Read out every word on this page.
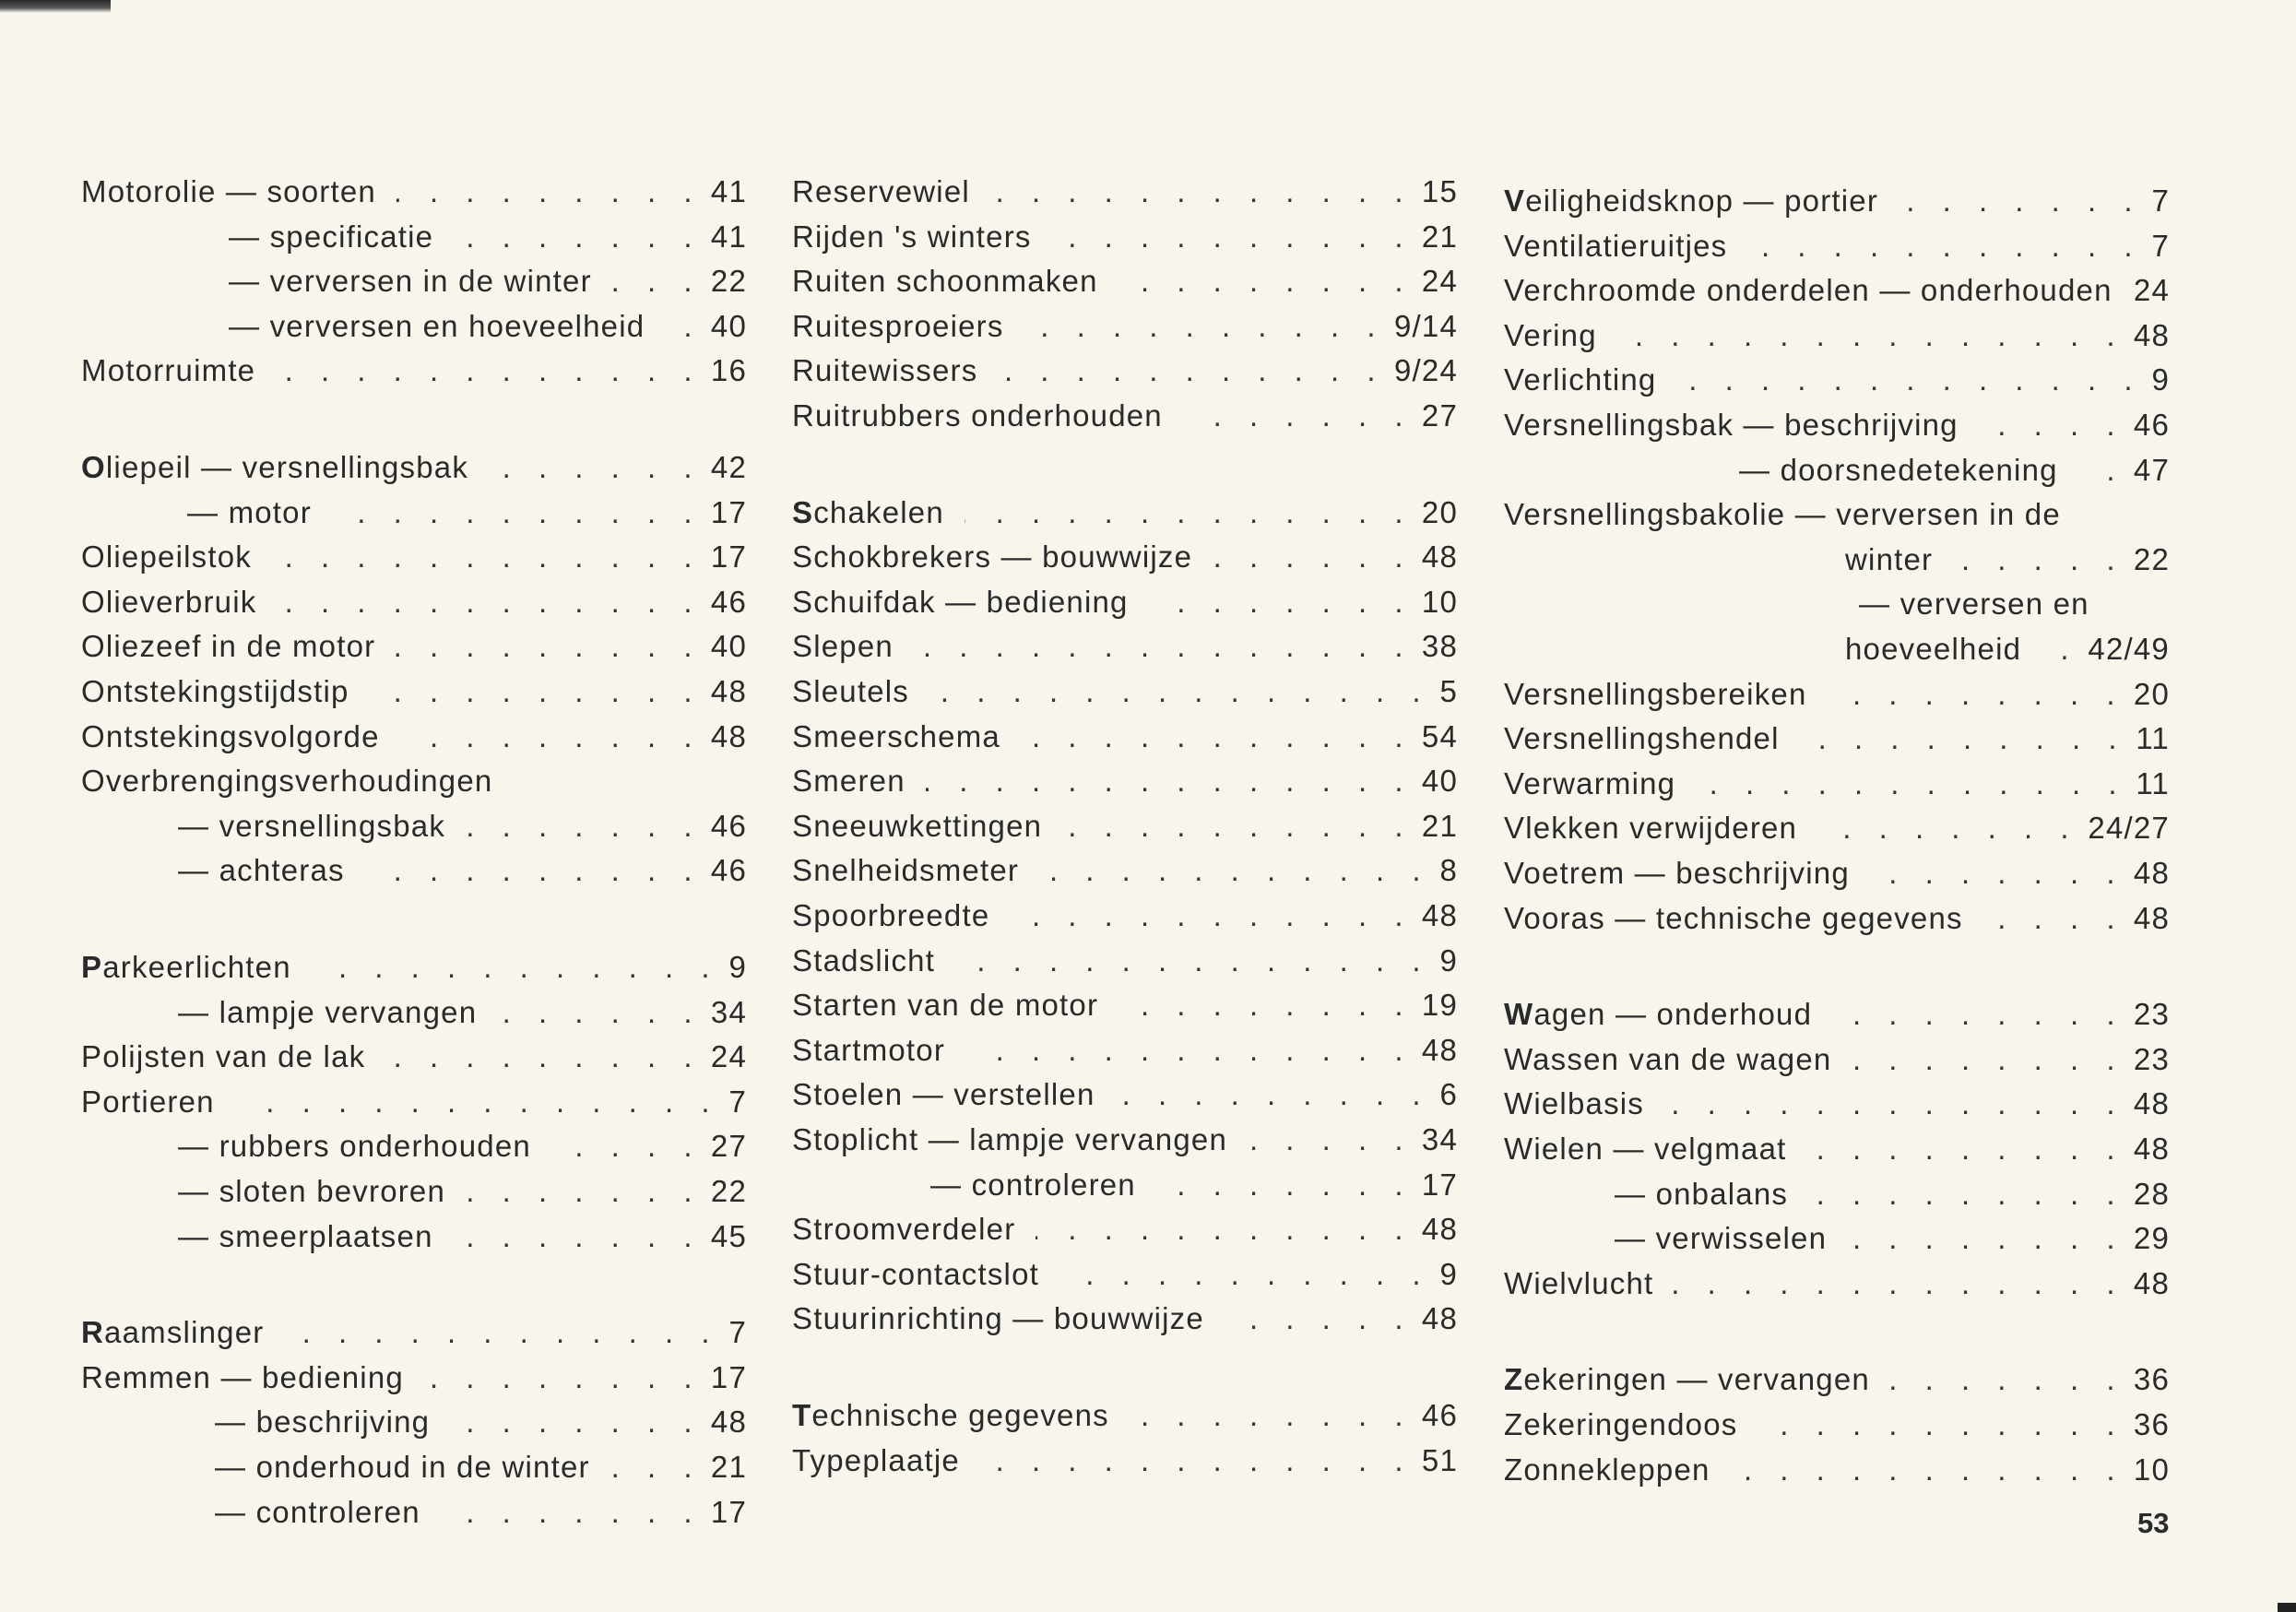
Motorolie — soorten	41
. . .
— specificatie	41
. . .
— verversen in de winter	22
. . .
— verversen en hoeveelheid 40
. . .
Motorruimte	16
. . .
Oliepeil — versnellingsbak	42
. . .
— motor	17
. . .
Oliepeilstok	17
. . .
Olieverbruik	46
. . .
Oliezeef in de motor	40
. . .
Ontstekingstijdstip	48
. . .
Ontstekingsvolgorde	48
. . .
Overbrengingsverhoudingen
— versnellingsbak	46
. . .
— achteras	46
. . .
Parkeerlichten	9
. . .
— lampje vervangen	34
. . .
Polijsten van de lak	24
. . .
Portieren	7
. . .
— rubbers onderhouden	27
. . .
— sloten bevroren	22
. . .
— smeerplaatsen	45
. . .
Raamslinger	7
. . .
Remmen — bediening	17
. . .
— beschrijving	48
. . .
— onderhoud in de winter	21
. . .
— controleren	17
. . .
Reservewiel	15
. . .
Rijden 's winters	21
. . .
Ruiten schoonmaken	24
. . .
Ruitesproeiers	9/14
. . .
Ruitewissers	9/24
. . .
Ruitrubbers onderhouden	27
. . .
Schakelen	20
. . .
Schokbrekers — bouwwijze	48
. . .
Schuifdak — bediening	10
. . .
Slepen	38
. . .
Sleutels	5
. . .
Smeerschema	54
. . .
Smeren	40
. . .
Sneeuwkettingen	21
. . .
Snelheidsmeter	8
. . .
Spoorbreedte	48
. . .
Stadslicht	9
. . .
Starten van de motor	19
. . .
Startmotor	48
. . .
Stoelen — verstellen	6
. . .
Stoplicht — lampje vervangen	34
. . .
— controleren	17
. . .
Stroomverdeler	48
. . .
Stuur-contactslot	9
. . .
Stuurinrichting — bouwwijze	48
. . .
Technische gegevens	46
. . .
Typeplaatje	51
. . .
Veiligheidsknop — portier	7
. . .
Ventilatieruitjes	7
. . .
Verchroomde onderdelen — onderhouden 24
Vering	48
. . .
Verlichting	9
. . .
Versnellingsbak — beschrijving	46
. . .
— doorsnedetekening 47
. . .
Versnellingsbakolie — verversen in de
winter	22
. . .
— verversen en
hoeveelheid 42/49
. . .
Versnellingsbereiken	20
. . .
Versnellingshendel	11
. . .
Verwarming	11
. . .
Vlekken verwijderen	24/27
. . .
Voetrem — beschrijving	48
. . .
Vooras — technische gegevens	48
. . .
Wagen — onderhoud	23
. . .
Wassen van de wagen	23
. . .
Wielbasis	48
. . .
Wielen — velgmaat	48
. . .
— onbalans	28
. . .
— verwisselen	29
. . .
Wielvlucht	48
. . .
Zekeringen — vervangen	36
. . .
Zekeringendoos	36
. . .
Zonnekleppen	10
. . .
53
